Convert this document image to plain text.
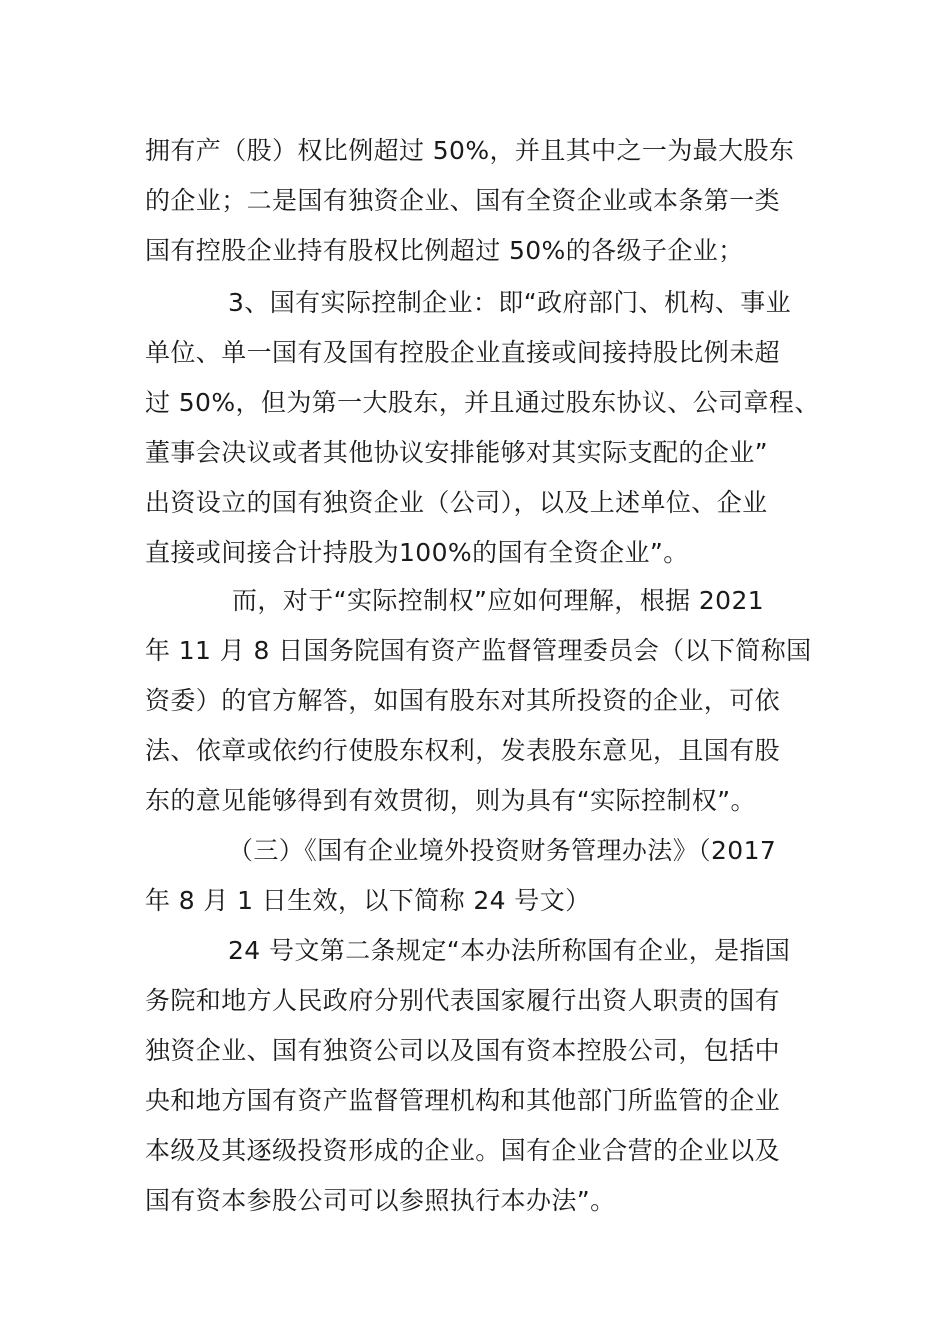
拥有产（股）权比例超过 50%，并且其中之一为最大股东
的企业；二是国有独资企业、国有全资企业或本条第一类
国有控股企业持有股权比例超过 50%的各级子企业；
3、国有实际控制企业：即“政府部门、机构、事业
单位、单一国有及国有控股企业直接或间接持股比例未超
过 50%，但为第一大股东，并且通过股东协议、公司章程、
董事会决议或者其他协议安排能够对其实际支配的企业”
出资设立的国有独资企业（公司），以及上述单位、企业
直接或间接合计持股为100%的国有全资企业”。
而，对于“实际控制权”应如何理解，根据 2021
年 11 月 8 日国务院国有资产监督管理委员会（以下简称国
资委）的官方解答，如国有股东对其所投资的企业，可依
法、依章或依约行使股东权利，发表股东意见，且国有股
东的意见能够得到有效贯彻，则为具有“实际控制权”。
（三）《国有企业境外投资财务管理办法》（2017
年 8 月 1 日生效，以下简称 24 号文）
24 号文第二条规定“本办法所称国有企业，是指国
务院和地方人民政府分别代表国家履行出资人职责的国有
独资企业、国有独资公司以及国有资本控股公司，包括中
央和地方国有资产监督管理机构和其他部门所监管的企业
本级及其逐级投资形成的企业。国有企业合营的企业以及
国有资本参股公司可以参照执行本办法”。
